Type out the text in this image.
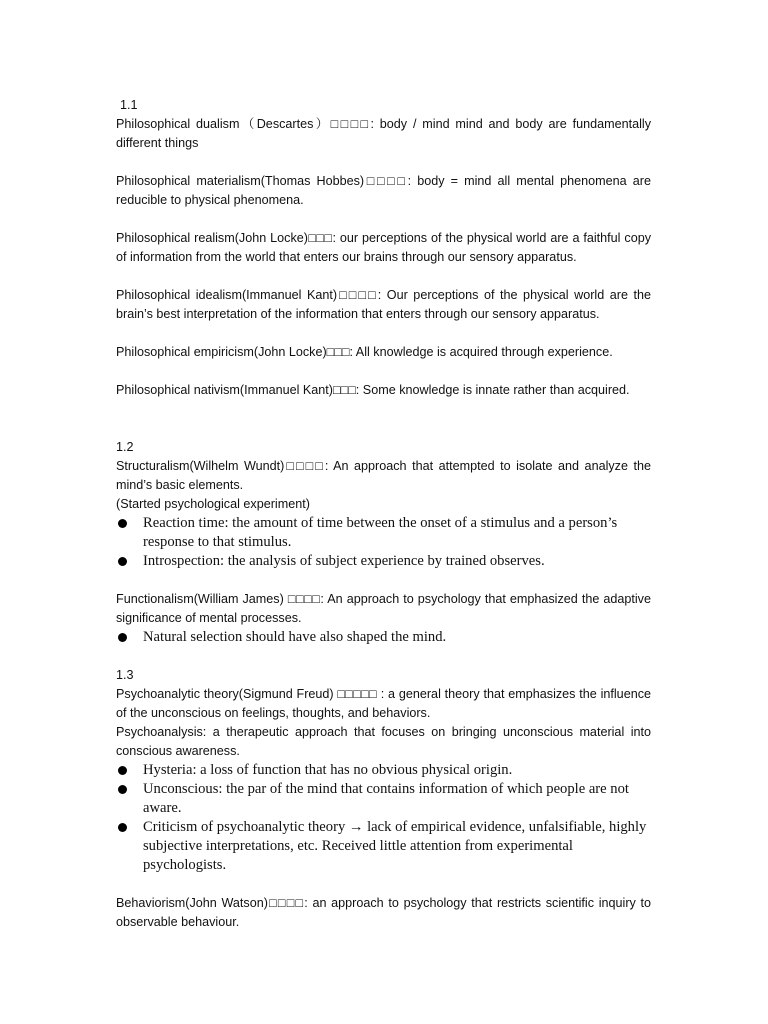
1.1

Philosophical dualism（Descartes）□□□□: body / mind mind and body are fundamentally different things

Philosophical materialism(Thomas Hobbes)□□□□: body = mind all mental phenomena are reducible to physical phenomena.

Philosophical realism(John Locke)□□□: our perceptions of the physical world are a faithful copy of information from the world that enters our brains through our sensory apparatus.

Philosophical idealism(Immanuel Kant)□□□□: Our perceptions of the physical world are the brain’s best interpretation of the information that enters through our sensory apparatus.

Philosophical empiricism(John Locke)□□□: All knowledge is acquired through experience.

Philosophical nativism(Immanuel Kant)□□□: Some knowledge is innate rather than acquired.

1.2

Structuralism(Wilhelm Wundt)□□□□: An approach that attempted to isolate and analyze the mind’s basic elements.

(Started psychological experiment)

Reaction time: the amount of time between the onset of a stimulus and a person’s response to that stimulus.
Introspection: the analysis of subject experience by trained observes.

Functionalism(William James) □□□□: An approach to psychology that emphasized the adaptive significance of mental processes.

Natural selection should have also shaped the mind.

1.3

Psychoanalytic theory(Sigmund Freud) □□□□□ : a general theory that emphasizes the influence of the unconscious on feelings, thoughts, and behaviors.

Psychoanalysis: a therapeutic approach that focuses on bringing unconscious material into conscious awareness.

Hysteria: a loss of function that has no obvious physical origin.
Unconscious: the par of the mind that contains information of which people are not aware.
Criticism of psychoanalytic theory → lack of empirical evidence, unfalsifiable, highly subjective interpretations, etc. Received little attention from experimental psychologists.

Behaviorism(John Watson)□□□□: an approach to psychology that restricts scientific inquiry to observable behaviour.
